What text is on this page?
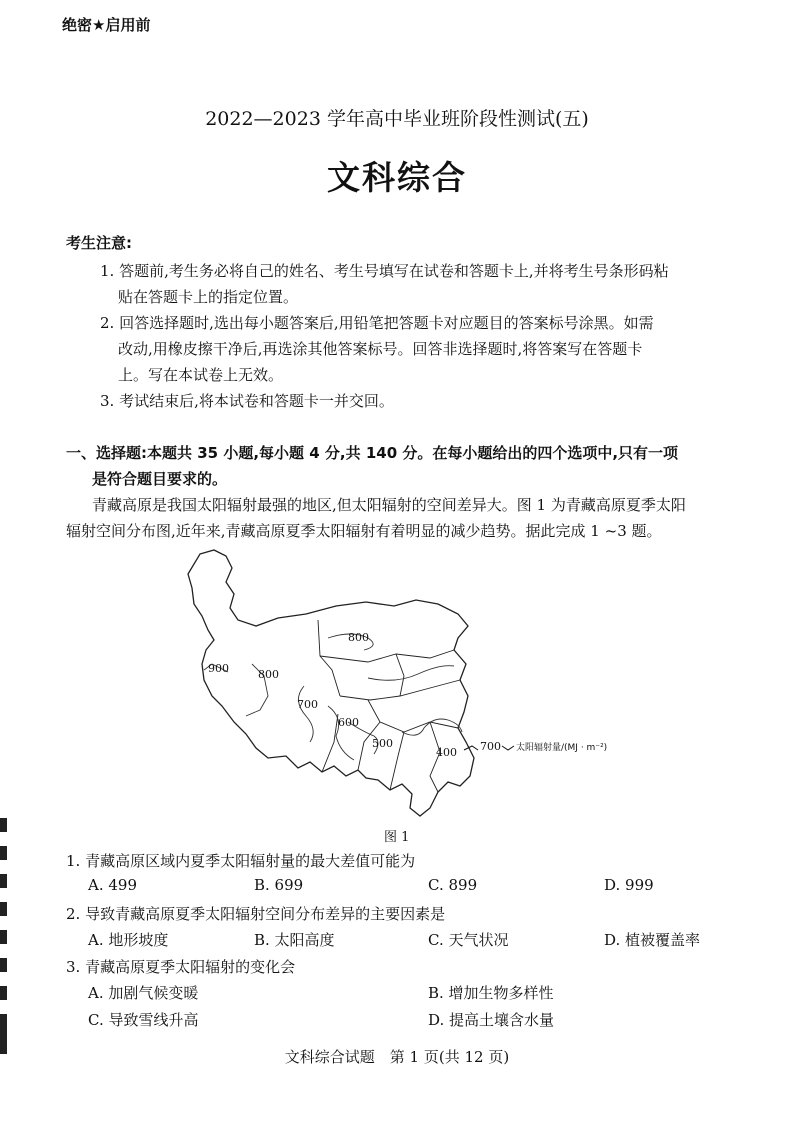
绝密★启用前
2022—2023 学年高中毕业班阶段性测试(五)
文科综合
考生注意:
1. 答题前,考生务必将自己的姓名、考生号填写在试卷和答题卡上,并将考生号条形码粘
贴在答题卡上的指定位置。
2. 回答选择题时,选出每小题答案后,用铅笔把答题卡对应题目的答案标号涂黑。如需
改动,用橡皮擦干净后,再选涂其他答案标号。回答非选择题时,将答案写在答题卡
上。写在本试卷上无效。
3. 考试结束后,将本试卷和答题卡一并交回。
一、选择题:本题共 35 小题,每小题 4 分,共 140 分。在每小题给出的四个选项中,只有一项
是符合题目要求的。
青藏高原是我国太阳辐射最强的地区,但太阳辐射的空间差异大。图 1 为青藏高原夏季太阳
辐射空间分布图,近年来,青藏高原夏季太阳辐射有着明显的减少趋势。据此完成 1 ~3 题。
800
900	800
700
600
500
400 700 太阳辐射量/(MJ · m⁻²)
图 1
1. 青藏高原区域内夏季太阳辐射量的最大差值可能为
A. 499	B. 699	C. 899	D. 999
2. 导致青藏高原夏季太阳辐射空间分布差异的主要因素是
A. 地形坡度	B. 太阳高度	C. 天气状况	D. 植被覆盖率
3. 青藏高原夏季太阳辐射的变化会
A. 加剧气候变暖	B. 增加生物多样性
C. 导致雪线升高	D. 提高土壤含水量
文科综合试题　第 1 页(共 12 页)
